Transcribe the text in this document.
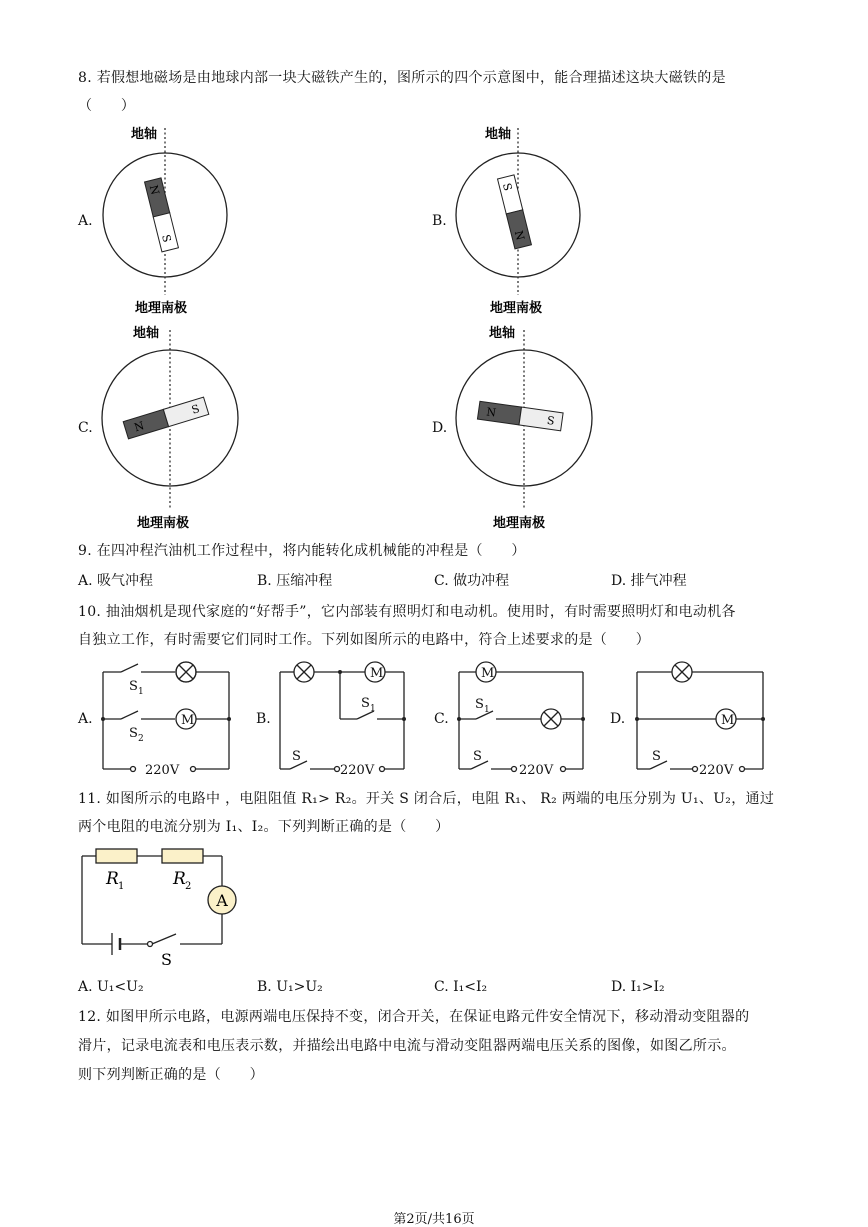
8. 若假想地磁场是由地球内部一块大磁铁产生的，图所示的四个示意图中，能合理描述这块大磁铁的是
（　　）
A.
地轴
N
S
地理南极
B.
地轴
S
N
地理南极
C.
地轴
N
S
地理南极
D.
地轴
N
S
地理南极
9. 在四冲程汽油机工作过程中，将内能转化成机械能的冲程是（　　）
A. 吸气冲程	B. 压缩冲程	C. 做功冲程	D. 排气冲程
10. 抽油烟机是现代家庭的“好帮手”，它内部装有照明灯和电动机。使用时，有时需要照明灯和电动机各
自独立工作，有时需要它们同时工作。下列如图所示的电路中，符合上述要求的是（　　）
A.	B.	C.	D.
S 1
S 2
M
220V
M
S 1
S
220V
M
S 1
S
220V
M
S
220V
11. 如图所示的电路中 ，电阻阻值 R₁> R₂。开关 S 闭合后，电阻 R₁、 R₂ 两端的电压分别为 U₁、U₂，通过
两个电阻的电流分别为 I₁、I₂。下列判断正确的是（　　）
A
R 1	R 2
S
A. U₁<U₂	B. U₁>U₂	C. I₁<I₂	D. I₁>I₂
12. 如图甲所示电路，电源两端电压保持不变，闭合开关，在保证电路元件安全情况下，移动滑动变阻器的
滑片，记录电流表和电压表示数，并描绘出电路中电流与滑动变阻器两端电压关系的图像，如图乙所示。
则下列判断正确的是（　　）
第2页/共16页
